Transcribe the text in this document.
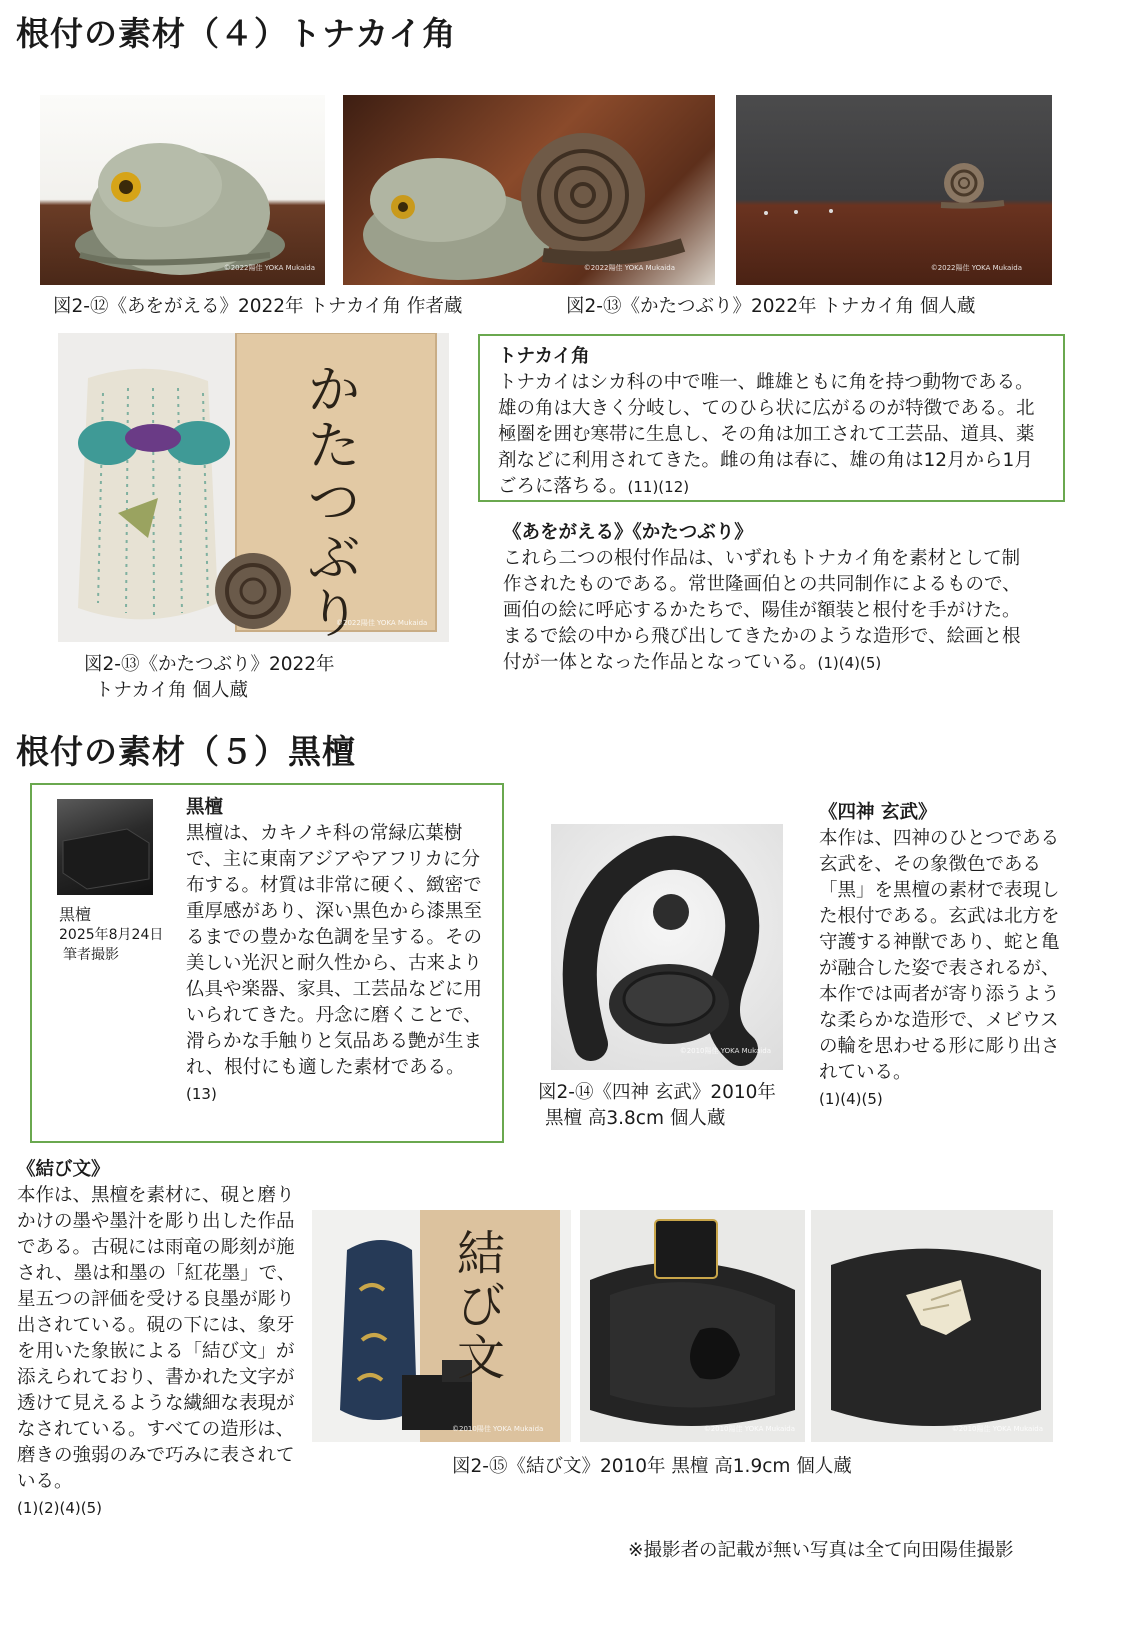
根付の素材（４）トナカイ角
©2022陽佳 YOKA Mukaida
図2-⑫《あをがえる》2022年 トナカイ角 作者蔵
©2022陽佳 YOKA Mukaida	©2022陽佳 YOKA Mukaida
図2-⑬《かたつぶり》2022年 トナカイ角 個人蔵
かたつぶり
©2022陽佳 YOKA Mukaida
図2-⑬《かたつぶり》2022年
トナカイ角 個人蔵
トナカイ角
トナカイはシカ科の中で唯一、雌雄ともに角を持つ動物である。雄の角は大きく分岐し、てのひら状に広がるのが特徴である。北極圏を囲む寒帯に生息し、その角は加工されて工芸品、道具、薬剤などに利用されてきた。雌の角は春に、雄の角は12月から1月ごろに落ちる。(11)(12)
《あをがえる》《かたつぶり》
これら二つの根付作品は、いずれもトナカイ角を素材として制作されたものである。常世隆画伯との共同制作によるもので、画伯の絵に呼応するかたちで、陽佳が額装と根付を手がけた。まるで絵の中から飛び出してきたかのような造形で、絵画と根付が一体となった作品となっている。(1)(4)(5)
根付の素材（５）黒檀
黒檀
2025年8月24日
筆者撮影
黒檀
黒檀は、カキノキ科の常緑広葉樹で、主に東南アジアやアフリカに分布する。材質は非常に硬く、緻密で重厚感があり、深い黒色から漆黒至るまでの豊かな色調を呈する。その美しい光沢と耐久性から、古来より仏具や楽器、家具、工芸品などに用いられてきた。丹念に磨くことで、滑らかな手触りと気品ある艶が生まれ、根付にも適した素材である。(13)
©2010陽佳 YOKA Mukaida
図2-⑭《四神 玄武》2010年
黒檀 高3.8cm 個人蔵
《四神 玄武》
本作は、四神のひとつである玄武を、その象徴色である「黒」を黒檀の素材で表現した根付である。玄武は北方を守護する神獣であり、蛇と亀が融合した姿で表されるが、本作では両者が寄り添うような柔らかな造形で、メビウスの輪を思わせる形に彫り出されている。
(1)(4)(5)
《結び文》
本作は、黒檀を素材に、硯と磨りかけの墨や墨汁を彫り出した作品である。古硯には雨竜の彫刻が施され、墨は和墨の「紅花墨」で、星五つの評価を受ける良墨が彫り出されている。硯の下には、象牙を用いた象嵌による「結び文」が添えられており、書かれた文字が透けて見えるような繊細な表現がなされている。すべての造形は、磨きの強弱のみで巧みに表されている。
(1)(2)(4)(5)
結び文
©2010陽佳 YOKA Mukaida	©2010陽佳 YOKA Mukaida	©2010陽佳 YOKA Mukaida
図2-⑮《結び文》2010年 黒檀 高1.9cm 個人蔵
※撮影者の記載が無い写真は全て向田陽佳撮影
